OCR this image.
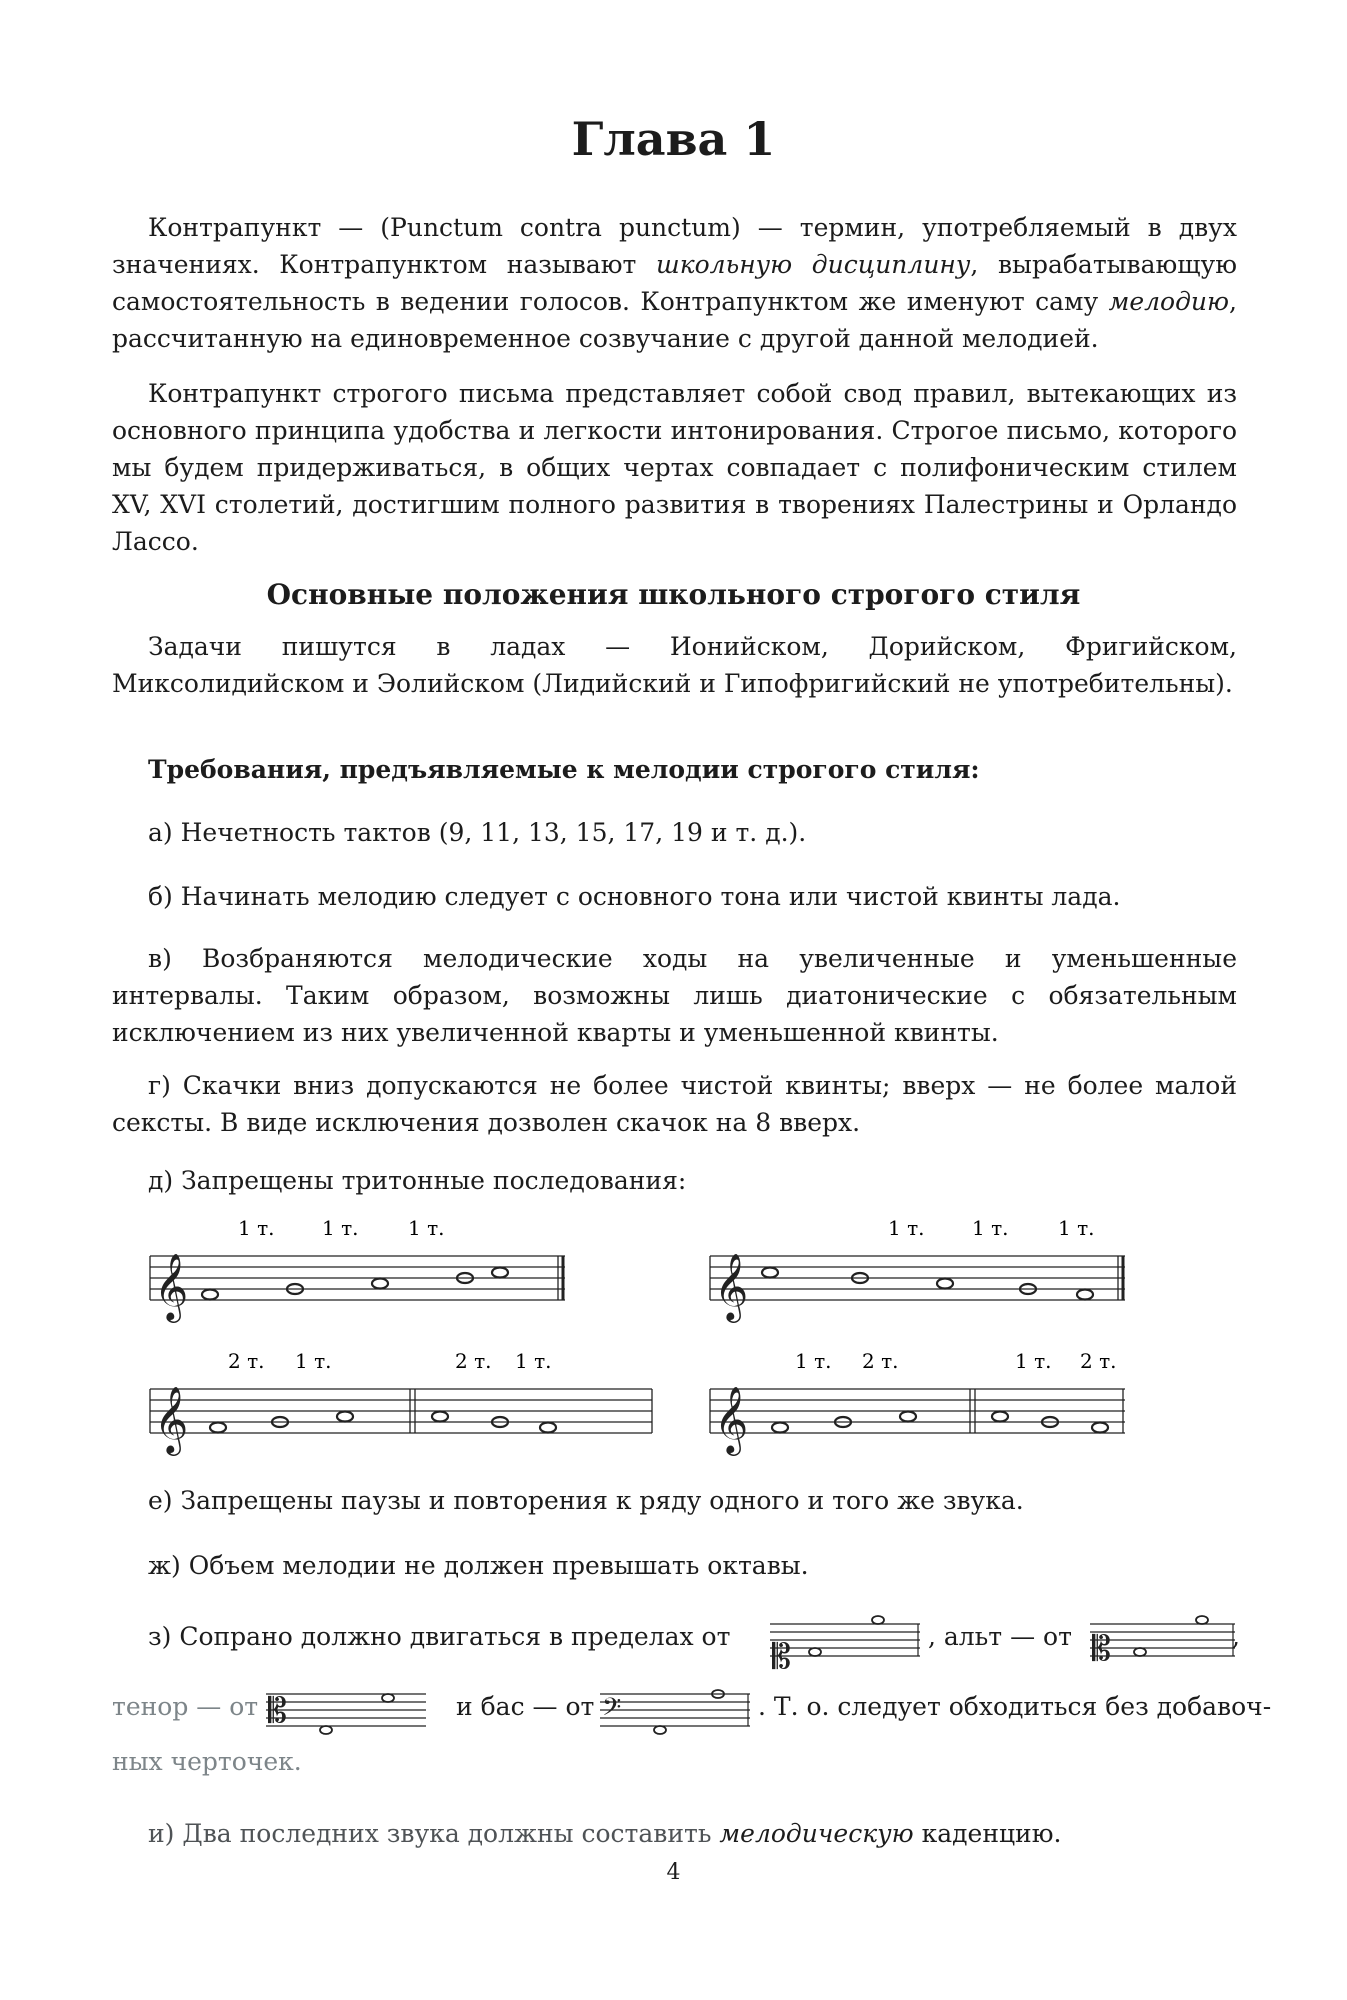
Глава 1

Контрапункт — (Punctum contra punctum) — термин, употребляемый в двух значениях. Контрапунктом называют школьную дисциплину, вырабатывающую самостоятельность в ведении голосов. Контрапунктом же именуют саму мелодию, рассчитанную на единовременное созвучание с другой данной мелодией.

Контрапункт строгого письма представляет собой свод правил, вытекающих из основного принципа удобства и легкости интонирования. Строгое письмо, которого мы будем придерживаться, в общих чертах совпадает с полифоническим стилем XV, XVI столетий, достигшим полного развития в творениях Палестрины и Орландо Лассо.

Основные положения школьного строгого стиля

Задачи пишутся в ладах — Ионийском, Дорийском, Фригийском, Миксолидийском и Эолийском (Лидийский и Гипофригийский не употребительны).

Требования, предъявляемые к мелодии строгого стиля:

а) Нечетность тактов (9, 11, 13, 15, 17, 19 и т. д.).

б) Начинать мелодию следует с основного тона или чистой квинты лада.

в) Возбраняются мелодические ходы на увеличенные и уменьшенные интервалы. Таким образом, возможны лишь диатонические с обязательным исключением из них увеличенной кварты и уменьшенной квинты.

г) Скачки вниз допускаются не более чистой квинты; вверх — не более малой сексты. В виде исключения дозволен скачок на 8 вверх.

д) Запрещены тритонные последования:

1 т. 1 т. 1 т.
𝄞
1 т. 1 т. 1 т.
𝄞
2 т. 1 т.	2 т. 1 т.
𝄞
1 т. 2 т.	1 т. 2 т.
𝄞

е) Запрещены паузы и повторения к ряду одного и того же звука.

ж) Объем мелодии не должен превышать октавы.

з) Сопрано должно двигаться в пределах от
𝄡
, альт — от 𝄡	,
тенор — от 𝄡	и бас — от 𝄢	. Т. о. следует обходиться без добавоч-
ных черточек.

и) Два последних звука должны составить мелодическую каденцию.

4
